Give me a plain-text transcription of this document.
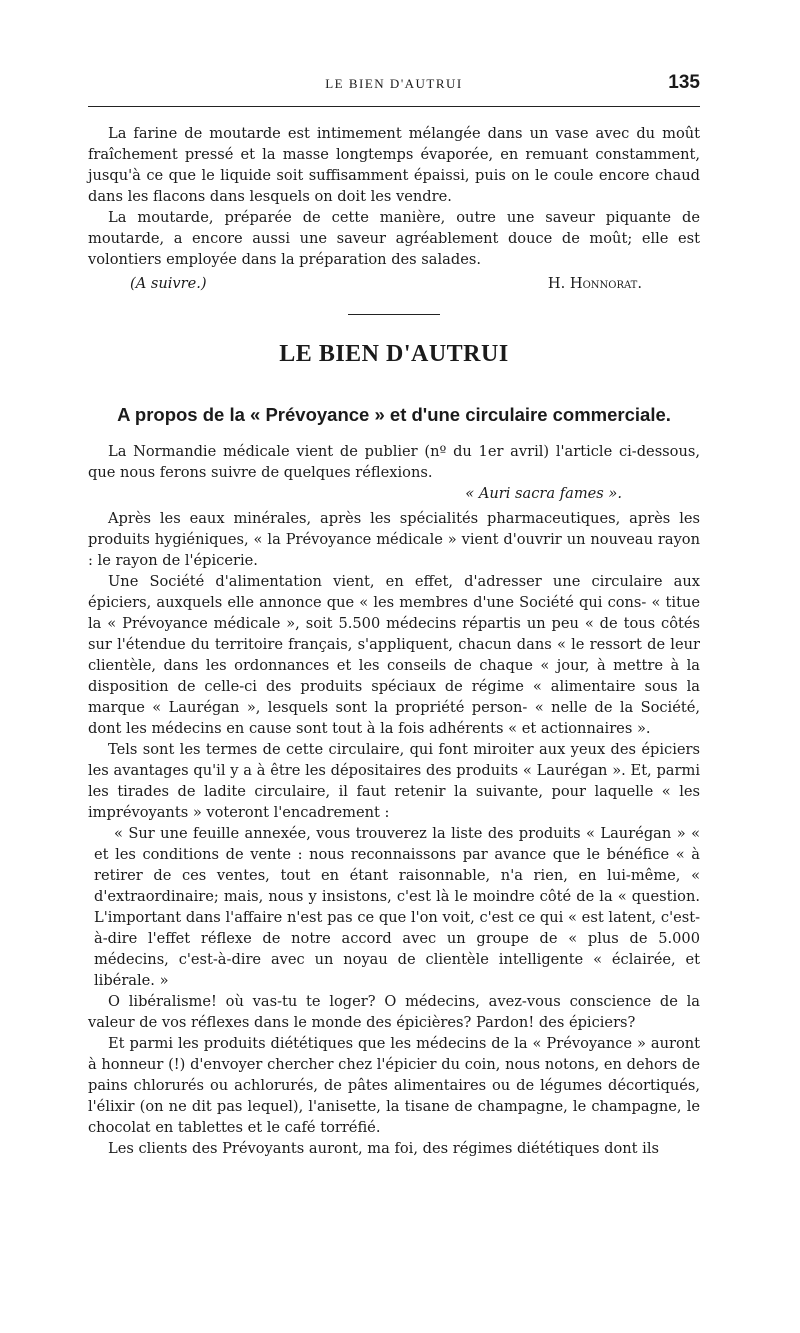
LE BIEN D'AUTRUI	135

La farine de moutarde est intimement mélangée dans un vase avec du moût fraîchement pressé et la masse longtemps évaporée, en remuant constamment, jusqu'à ce que le liquide soit suffisamment épaissi, puis on le coule encore chaud dans les flacons dans lesquels on doit les vendre.

La moutarde, préparée de cette manière, outre une saveur piquante de moutarde, a encore aussi une saveur agréablement douce de moût; elle est volontiers employée dans la préparation des salades.

(A suivre.)	H. Honnorat.
LE BIEN D'AUTRUI
A propos de la « Prévoyance » et d'une circulaire commerciale.

La Normandie médicale vient de publier (nº du 1er avril) l'article ci-dessous, que nous ferons suivre de quelques réflexions.

« Auri sacra fames ».

Après les eaux minérales, après les spécialités pharmaceutiques, après les produits hygiéniques, « la Prévoyance médicale » vient d'ouvrir un nouveau rayon : le rayon de l'épicerie.

Une Société d'alimentation vient, en effet, d'adresser une circulaire aux épiciers, auxquels elle annonce que « les membres d'une Société qui cons- « titue la « Prévoyance médicale », soit 5.500 médecins répartis un peu « de tous côtés sur l'étendue du territoire français, s'appliquent, chacun dans « le ressort de leur clientèle, dans les ordonnances et les conseils de chaque « jour, à mettre à la disposition de celle-ci des produits spéciaux de régime « alimentaire sous la marque « Laurégan », lesquels sont la propriété person- « nelle de la Société, dont les médecins en cause sont tout à la fois adhérents « et actionnaires ».

Tels sont les termes de cette circulaire, qui font miroiter aux yeux des épiciers les avantages qu'il y a à être les dépositaires des produits « Laurégan ». Et, parmi les tirades de ladite circulaire, il faut retenir la suivante, pour laquelle « les imprévoyants » voteront l'encadrement :

« Sur une feuille annexée, vous trouverez la liste des produits « Laurégan » « et les conditions de vente : nous reconnaissons par avance que le bénéfice « à retirer de ces ventes, tout en étant raisonnable, n'a rien, en lui-même, « d'extraordinaire; mais, nous y insistons, c'est là le moindre côté de la « question. L'important dans l'affaire n'est pas ce que l'on voit, c'est ce qui « est latent, c'est-à-dire l'effet réflexe de notre accord avec un groupe de « plus de 5.000 médecins, c'est-à-dire avec un noyau de clientèle intelligente « éclairée, et libérale. »

O libéralisme! où vas-tu te loger? O médecins, avez-vous conscience de la valeur de vos réflexes dans le monde des épicières? Pardon! des épiciers?

Et parmi les produits diététiques que les médecins de la « Prévoyance » auront à honneur (!) d'envoyer chercher chez l'épicier du coin, nous notons, en dehors de pains chlorurés ou achlorurés, de pâtes alimentaires ou de légumes décortiqués, l'élixir (on ne dit pas lequel), l'anisette, la tisane de champagne, le champagne, le chocolat en tablettes et le café torréfié.

Les clients des Prévoyants auront, ma foi, des régimes diététiques dont ils
